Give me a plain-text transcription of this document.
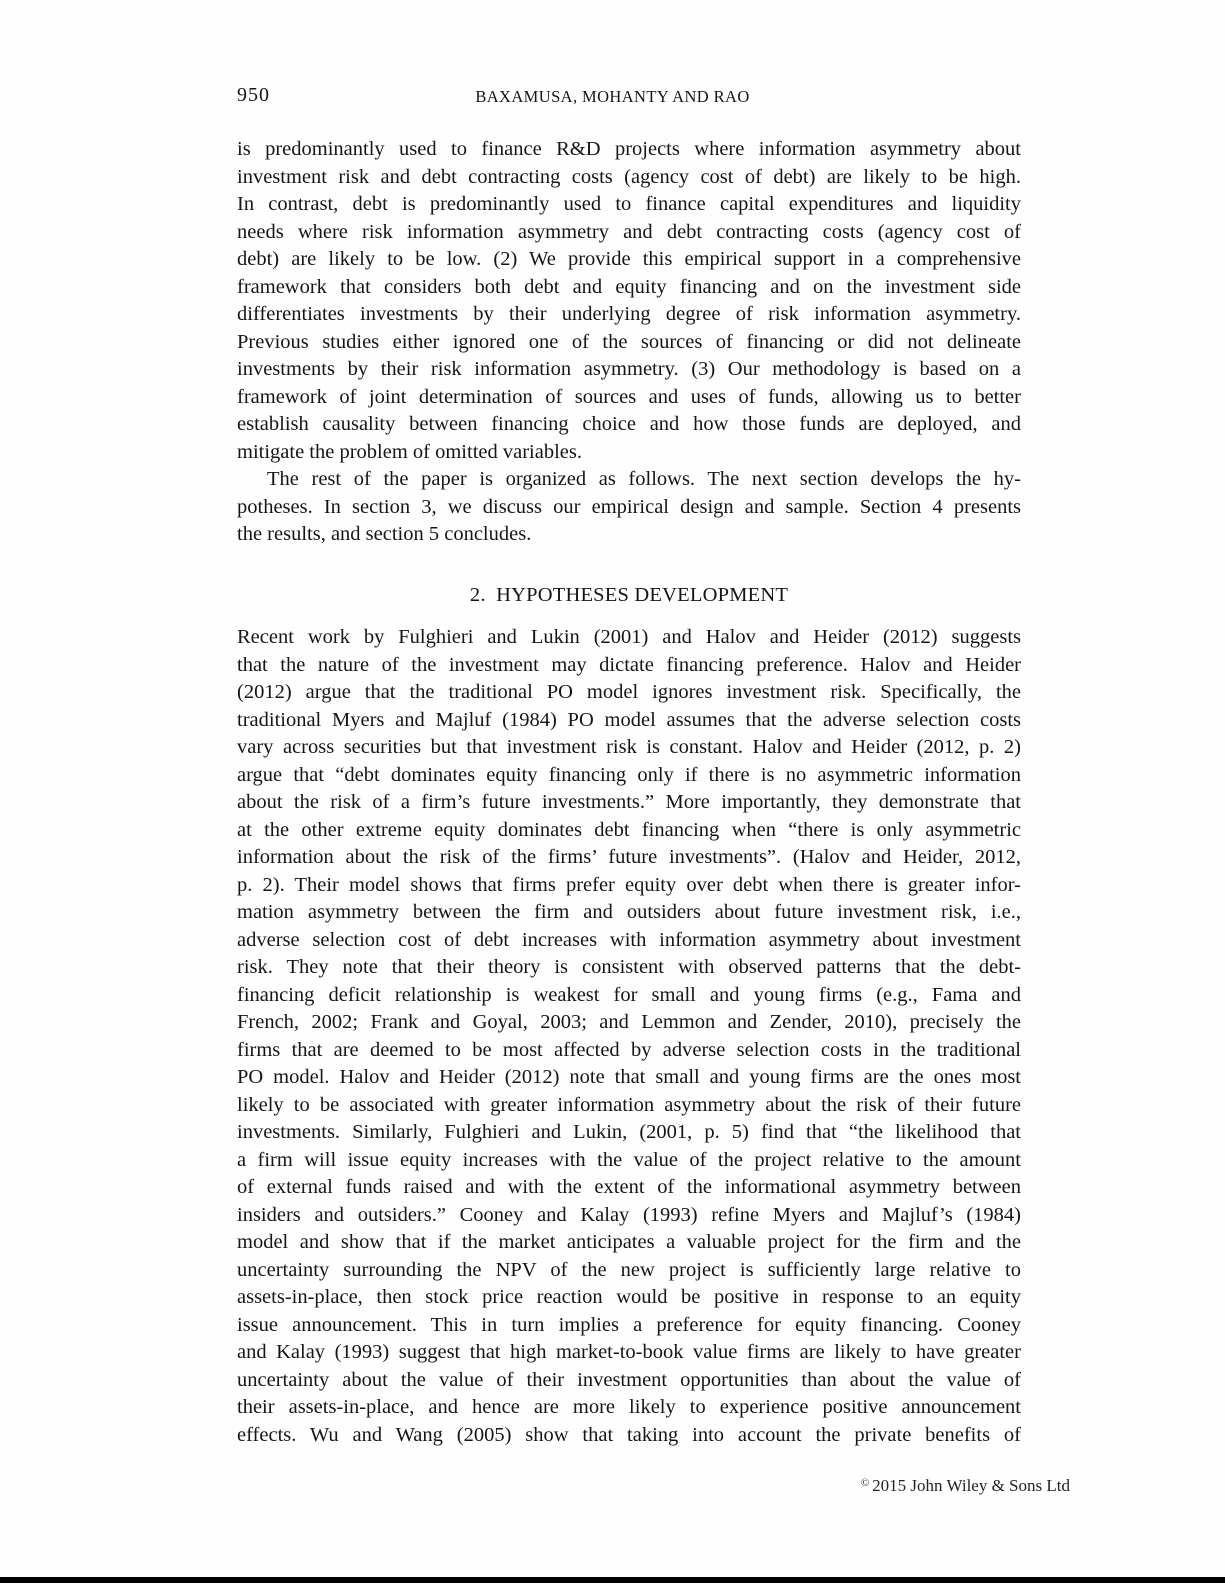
950	BAXAMUSA, MOHANTY AND RAO

is predominantly used to finance R&D projects where information asymmetry about
investment risk and debt contracting costs (agency cost of debt) are likely to be high.
In contrast, debt is predominantly used to finance capital expenditures and liquidity
needs where risk information asymmetry and debt contracting costs (agency cost of
debt) are likely to be low. (2) We provide this empirical support in a comprehensive
framework that considers both debt and equity financing and on the investment side
differentiates investments by their underlying degree of risk information asymmetry.
Previous studies either ignored one of the sources of financing or did not delineate
investments by their risk information asymmetry. (3) Our methodology is based on a
framework of joint determination of sources and uses of funds, allowing us to better
establish causality between financing choice and how those funds are deployed, and
mitigate the problem of omitted variables.

The rest of the paper is organized as follows. The next section develops the hy-
potheses. In section 3, we discuss our empirical design and sample. Section 4 presents
the results, and section 5 concludes.

2. HYPOTHESES DEVELOPMENT

Recent work by Fulghieri and Lukin (2001) and Halov and Heider (2012) suggests
that the nature of the investment may dictate financing preference. Halov and Heider
(2012) argue that the traditional PO model ignores investment risk. Specifically, the
traditional Myers and Majluf (1984) PO model assumes that the adverse selection costs
vary across securities but that investment risk is constant. Halov and Heider (2012, p. 2)
argue that “debt dominates equity financing only if there is no asymmetric information
about the risk of a firm’s future investments.” More importantly, they demonstrate that
at the other extreme equity dominates debt financing when “there is only asymmetric
information about the risk of the firms’ future investments”. (Halov and Heider, 2012,
p. 2). Their model shows that firms prefer equity over debt when there is greater infor-
mation asymmetry between the firm and outsiders about future investment risk, i.e.,
adverse selection cost of debt increases with information asymmetry about investment
risk. They note that their theory is consistent with observed patterns that the debt-
financing deficit relationship is weakest for small and young firms (e.g., Fama and
French, 2002; Frank and Goyal, 2003; and Lemmon and Zender, 2010), precisely the
firms that are deemed to be most affected by adverse selection costs in the traditional
PO model. Halov and Heider (2012) note that small and young firms are the ones most
likely to be associated with greater information asymmetry about the risk of their future
investments. Similarly, Fulghieri and Lukin, (2001, p. 5) find that “the likelihood that
a firm will issue equity increases with the value of the project relative to the amount
of external funds raised and with the extent of the informational asymmetry between
insiders and outsiders.” Cooney and Kalay (1993) refine Myers and Majluf’s (1984)
model and show that if the market anticipates a valuable project for the firm and the
uncertainty surrounding the NPV of the new project is sufficiently large relative to
assets-in-place, then stock price reaction would be positive in response to an equity
issue announcement. This in turn implies a preference for equity financing. Cooney
and Kalay (1993) suggest that high market-to-book value firms are likely to have greater
uncertainty about the value of their investment opportunities than about the value of
their assets-in-place, and hence are more likely to experience positive announcement
effects. Wu and Wang (2005) show that taking into account the private benefits of

© 2015 John Wiley & Sons Ltd
